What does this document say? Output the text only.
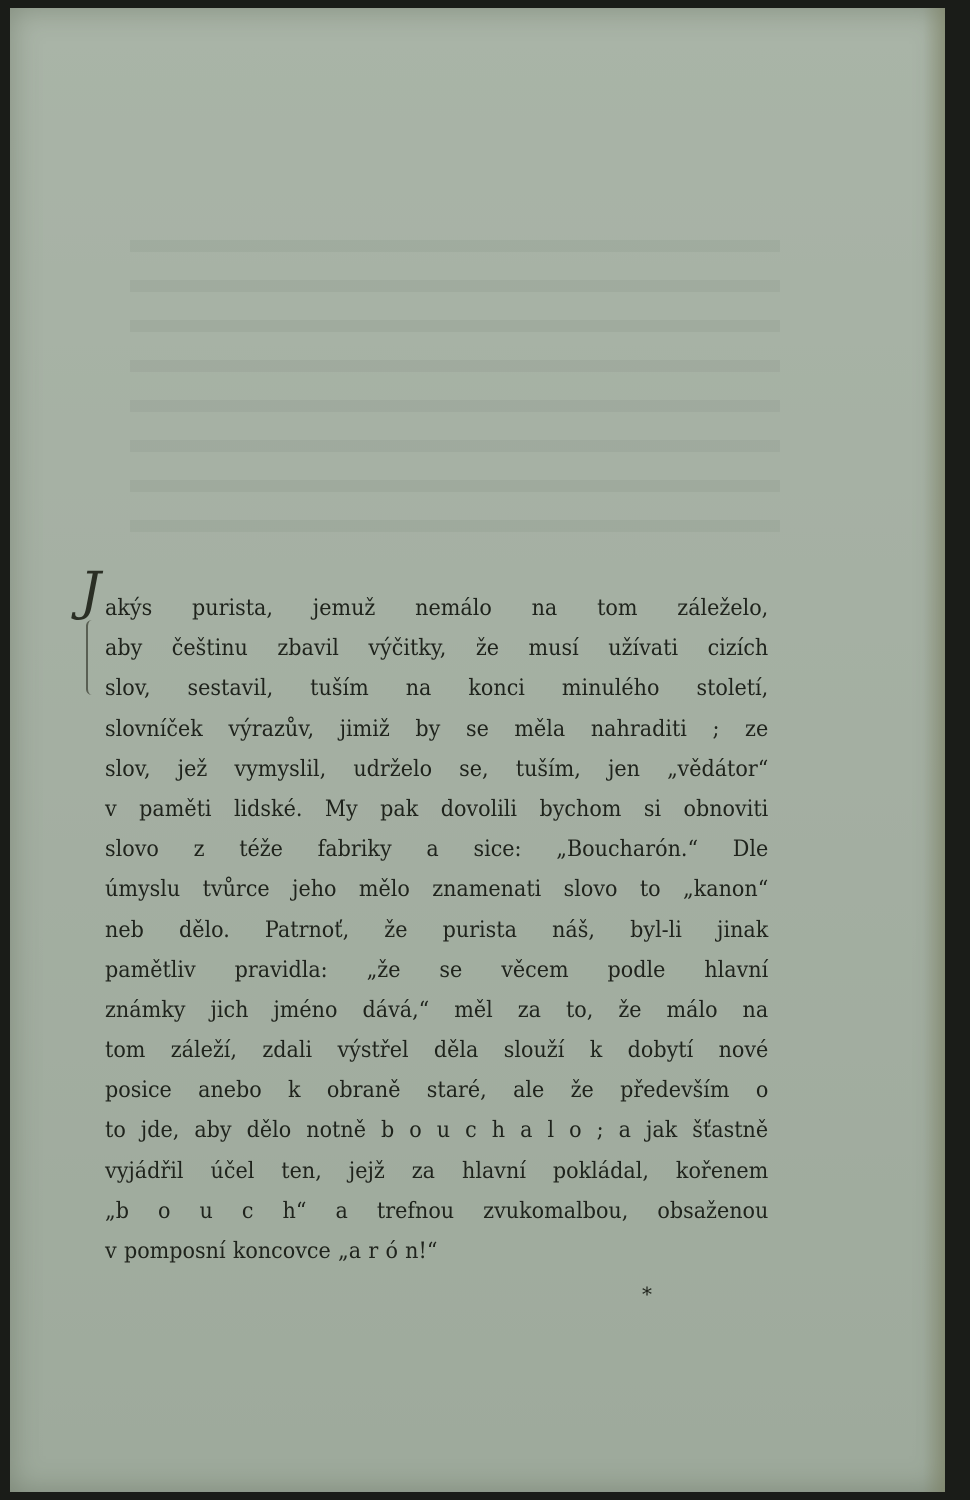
J akýs purista, jemuž nemálo na tom záleželo,
aby češtinu zbavil výčitky, že musí užívati cizích
slov, sestavil, tuším na konci minulého století,
slovníček výrazův, jimiž by se měla nahraditi ; ze
slov, jež vymyslil, udrželo se, tuším, jen „vědátor“
v paměti lidské. My pak dovolili bychom si obnoviti
slovo z téže fabriky a sice: „Boucharón.“ Dle
úmyslu tvůrce jeho mělo znamenati slovo to „kanon“
neb dělo. Patrnoť, že purista náš, byl-li jinak
pamětliv pravidla: „že se věcem podle hlavní
známky jich jméno dává,“ měl za to, že málo na
tom záleží, zdali výstřel děla slouží k dobytí nové
posice anebo k obraně staré, ale že především o
to jde, aby dělo notně b o u c h a l o ; a jak šťastně
vyjádřil účel ten, jejž za hlavní pokládal, kořenem
„b o u c h“ a trefnou zvukomalbou, obsaženou
v pomposní koncovce „a r ó n!“
*
